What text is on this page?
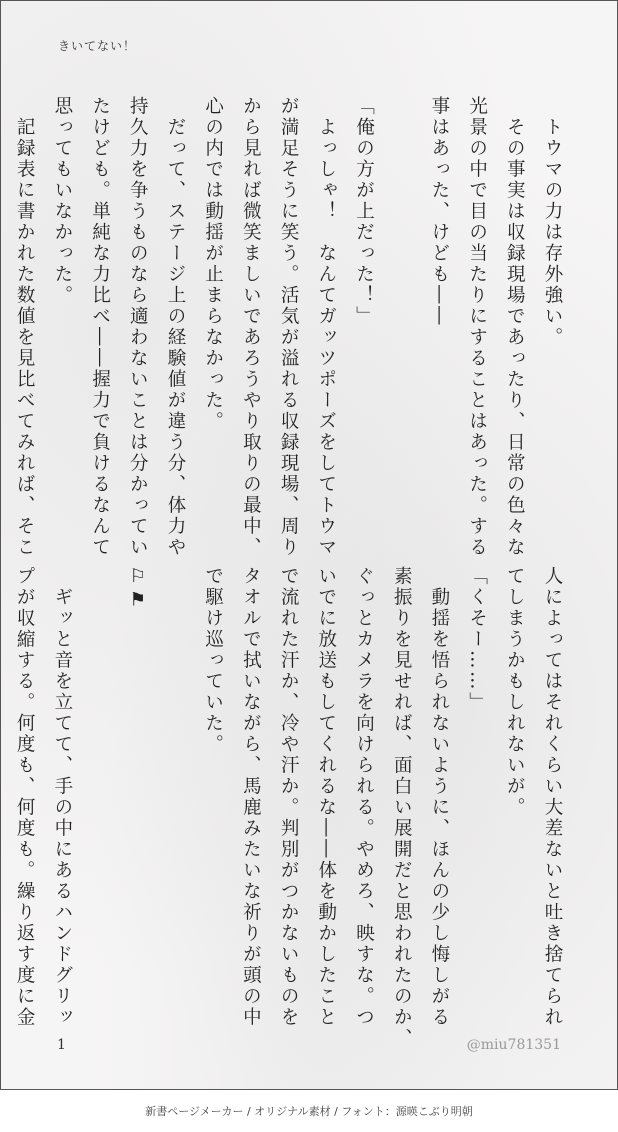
きいてない！
　トウマの力は存外強い。
　その事実は収録現場であったり、日常の色々な
光景の中で目の当たりにすることはあった。する
事はあった、けども――
「俺の方が上だった！」
　よっしゃ！　なんてガッツポーズをしてトウマ
が満足そうに笑う。活気が溢れる収録現場、周り
から見れば微笑ましいであろうやり取りの最中、
心の内では動揺が止まらなかった。
　だって、ステージ上の経験値が違う分、体力や
持久力を争うものなら適わないことは分かってい
たけども。単純な力比べ――握力で負けるなんて
思ってもいなかった。
　記録表に書かれた数値を見比べてみれば、そこ
人によってはそれくらい大差ないと吐き捨てられ
てしまうかもしれないが。
「くそー……」
　動揺を悟られないように、ほんの少し悔しがる
素振りを見せれば、面白い展開だと思われたのか、
ぐっとカメラを向けられる。やめろ、映すな。つ
いでに放送もしてくれるな――体を動かしたこと
で流れた汗か、冷や汗か。判別がつかないものを
タオルで拭いながら、馬鹿みたいな祈りが頭の中
で駆け巡っていた。
⚐⚑
　ギッと音を立てて、手の中にあるハンドグリッ
プが収縮する。何度も、何度も。繰り返す度に金
1	@miu781351
新書ページメーカー / オリジナル素材 / フォント：源暎こぶり明朝
